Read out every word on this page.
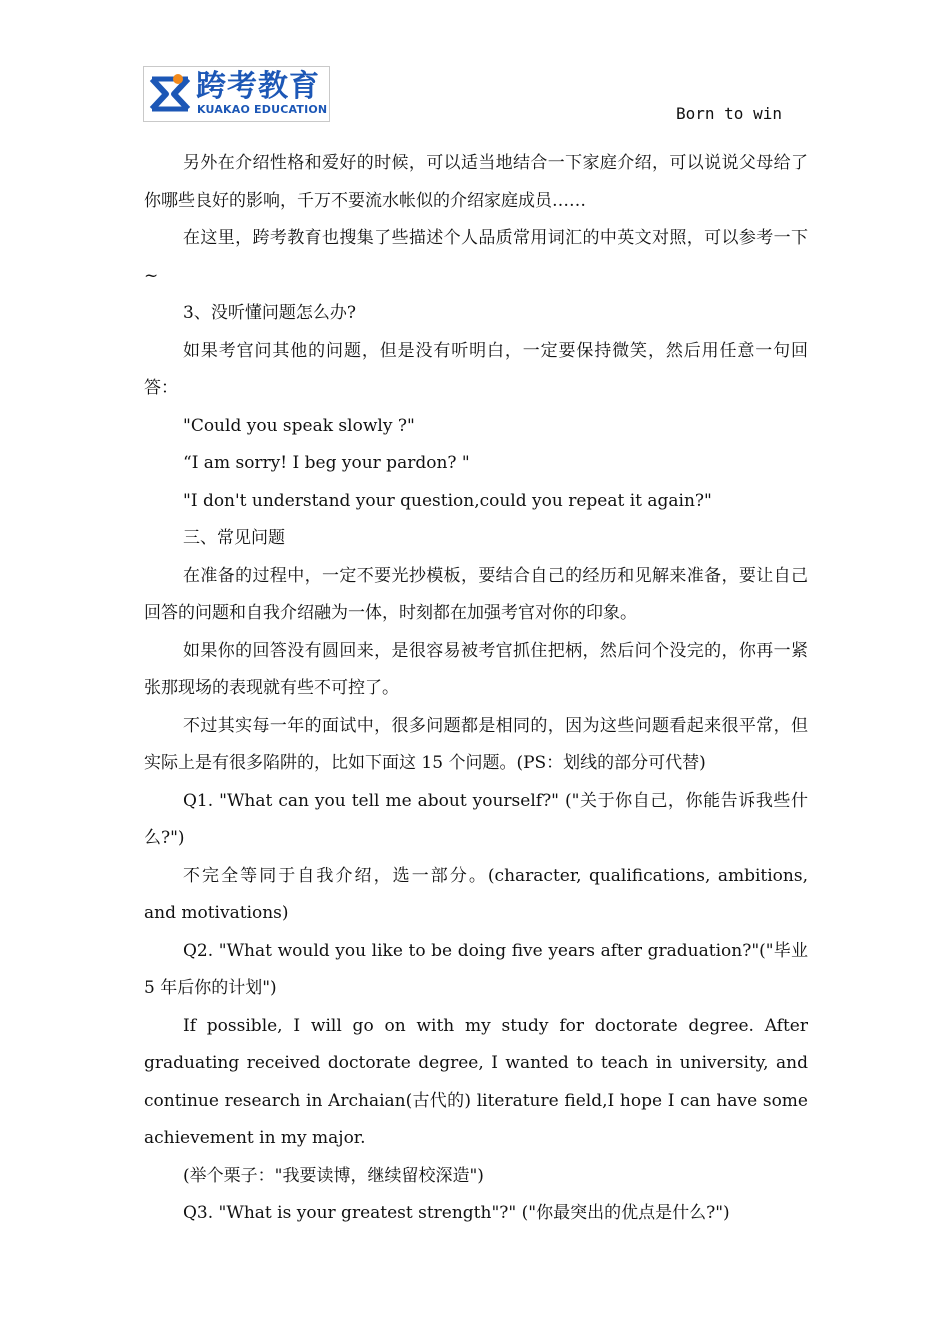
跨考教育
KUAKAO EDUCATION	Born to win

另外在介绍性格和爱好的时候，可以适当地结合一下家庭介绍，可以说说父母给了你哪些良好的影响，千万不要流水帐似的介绍家庭成员……

在这里，跨考教育也搜集了些描述个人品质常用词汇的中英文对照，可以参考一下~

3、没听懂问题怎么办?

如果考官问其他的问题，但是没有听明白，一定要保持微笑，然后用任意一句回答：

"Could you speak slowly ?"

“I am sorry! I beg your pardon? "

"I don't understand your question,could you repeat it again?"

三、常见问题

在准备的过程中，一定不要光抄模板，要结合自己的经历和见解来准备，要让自己回答的问题和自我介绍融为一体，时刻都在加强考官对你的印象。

如果你的回答没有圆回来，是很容易被考官抓住把柄，然后问个没完的，你再一紧张那现场的表现就有些不可控了。

不过其实每一年的面试中，很多问题都是相同的，因为这些问题看起来很平常，但实际上是有很多陷阱的，比如下面这 15 个问题。(PS：划线的部分可代替)

Q1. "What can you tell me about yourself?" ("关于你自己，你能告诉我些什么?")

不完全等同于自我介绍，选一部分。(character, qualifications, ambitions, and motivations)

Q2. "What would you like to be doing five years after graduation?"("毕业 5 年后你的计划")

If possible, I will go on with my study for doctorate degree. After graduating received doctorate degree, I wanted to teach in university, and continue research in Archaian(古代的) literature field,I hope I can have some achievement in my major.

(举个栗子："我要读博，继续留校深造")

Q3. "What is your greatest strength"?" ("你最突出的优点是什么?")
